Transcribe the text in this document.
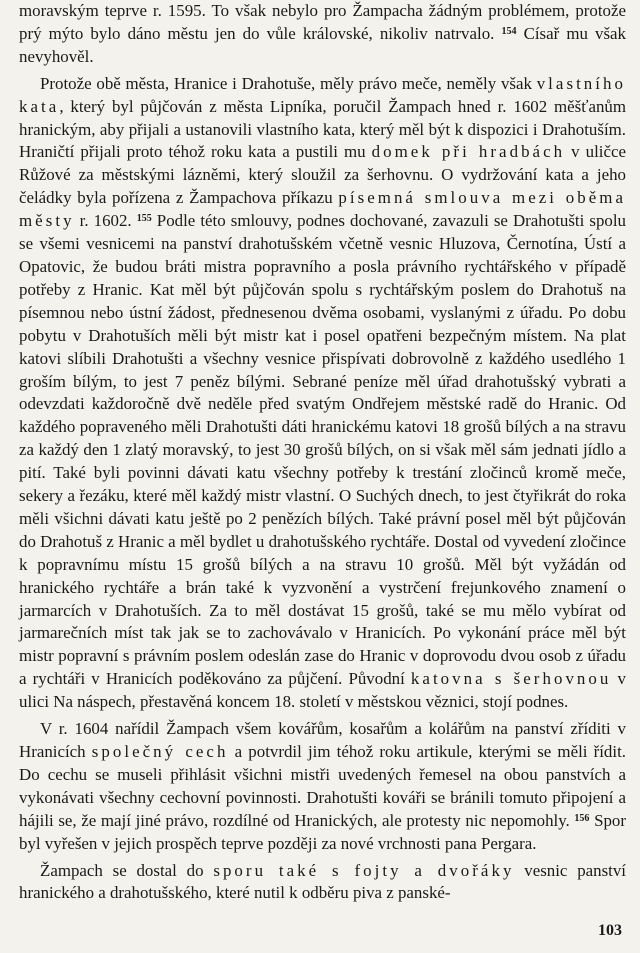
moravským teprve r. 1595. To však nebylo pro Žampacha žádným problémem, protože prý mýto bylo dáno městu jen do vůle královské, nikoliv natrvalo. $^{154}$ Císař mu však nevyhověl.

Protože obě města, Hranice i Drahotuše, měly právo meče, neměly však vlastního kata, který byl půjčován z města Lipníka, poručil Žampach hned r. 1602 měšťanům hranickým, aby přijali a ustanovili vlastního kata, který měl být k dispozici i Drahotuším. Hraničtí přijali proto téhož roku kata a pustili mu domek při hradbách v uličce Růžové za městskými lázněmi, který sloužil za šerhovnu. O vydržování kata a jeho čeládky byla pořízena z Žampachova příkazu písemná smlouva mezi oběma městy r. 1602. $^{155}$ Podle této smlouvy, podnes dochované, zavazuli se Drahotušti spolu se všemi vesnicemi na panství drahotušském včetně vesnic Hluzova, Černotína, Ústí a Opatovic, že budou bráti mistra popravního a posla právního rychtářského v případě potřeby z Hranic. Kat měl být půjčován spolu s rychtářským poslem do Drahotuš na písemnou nebo ústní žádost, přednesenou dvěma osobami, vyslanými z úřadu. Po dobu pobytu v Drahotuších měli být mistr kat i posel opatřeni bezpečným místem. Na plat katovi slíbili Drahotušti a všechny vesnice přispívati dobrovolně z každého usedlého 1 groším bílým, to jest 7 peněz bílými. Sebrané peníze měl úřad drahotušský vybrati a odevzdati každoročně dvě neděle před svatým Ondřejem městské radě do Hranic. Od každého popraveného měli Drahotušti dáti hranickému katovi 18 grošů bílých a na stravu za každý den 1 zlatý moravský, to jest 30 grošů bílých, on si však měl sám jednati jídlo a pití. Také byli povinni dávati katu všechny potřeby k trestání zločinců kromě meče, sekery a řezáku, které měl každý mistr vlastní. O Suchých dnech, to jest čtyřikrát do roka měli všichni dávati katu ještě po 2 penězích bílých. Také právní posel měl být půjčován do Drahotuš z Hranic a měl bydlet u drahotušského rychtáře. Dostal od vyvedení zločince k popravnímu místu 15 grošů bílých a na stravu 10 grošů. Měl být vyžádán od hranického rychtáře a brán také k vyzvonění a vystrčení frejunkového znamení o jarmarcích v Drahotuších. Za to měl dostávat 15 grošů, také se mu mělo vybírat od jarmarečních míst tak jak se to zachovávalo v Hranicích. Po vykonání práce měl být mistr popravní s právním poslem odeslán zase do Hranic v doprovodu dvou osob z úřadu a rychtáři v Hranicích poděkováno za půjčení. Původní katovna s šerhovnou v ulici Na náspech, přestavěná koncem 18. století v městskou věznici, stojí podnes.

V r. 1604 nařídil Žampach všem kovářům, kosařům a kolářům na panství zříditi v Hranicích společný cech a potvrdil jim téhož roku artikule, kterými se měli řídit. Do cechu se museli přihlásit všichni mistři uvedených řemesel na obou panstvích a vykonávati všechny cechovní povinnosti. Drahotušti kováři se bránili tomuto připojení a hájili se, že mají jiné právo, rozdílné od Hranických, ale protesty nic nepomohly. $^{156}$ Spor byl vyřešen v jejich prospěch teprve později za nové vrchnosti pana Pergara.

Žampach se dostal do sporu také s fojty a dvořáky vesnic panství hranického a drahotušského, které nutil k odběru piva z panské-

103
